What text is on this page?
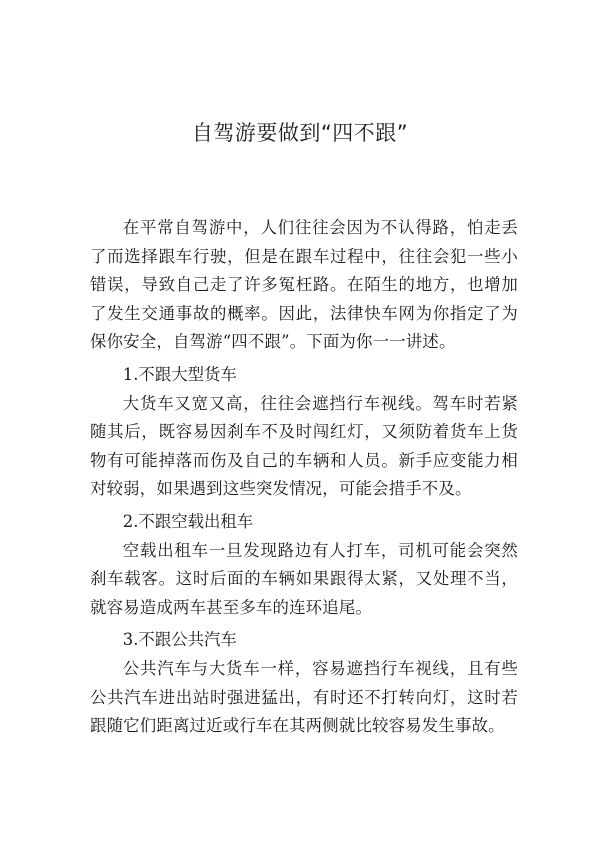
自驾游要做到“四不跟”

在平常自驾游中，人们往往会因为不认得路，怕走丢了而选择跟车行驶，但是在跟车过程中，往往会犯一些小错误，导致自己走了许多冤枉路。在陌生的地方，也增加了发生交通事故的概率。因此，法律快车网为你指定了为保你安全，自驾游“四不跟”。下面为你一一讲述。

1.不跟大型货车

大货车又宽又高，往往会遮挡行车视线。驾车时若紧随其后，既容易因刹车不及时闯红灯，又须防着货车上货物有可能掉落而伤及自己的车辆和人员。新手应变能力相对较弱，如果遇到这些突发情况，可能会措手不及。

2.不跟空载出租车

空载出租车一旦发现路边有人打车，司机可能会突然刹车载客。这时后面的车辆如果跟得太紧，又处理不当，就容易造成两车甚至多车的连环追尾。

3.不跟公共汽车

公共汽车与大货车一样，容易遮挡行车视线，且有些公共汽车进出站时强进猛出，有时还不打转向灯，这时若跟随它们距离过近或行车在其两侧就比较容易发生事故。
